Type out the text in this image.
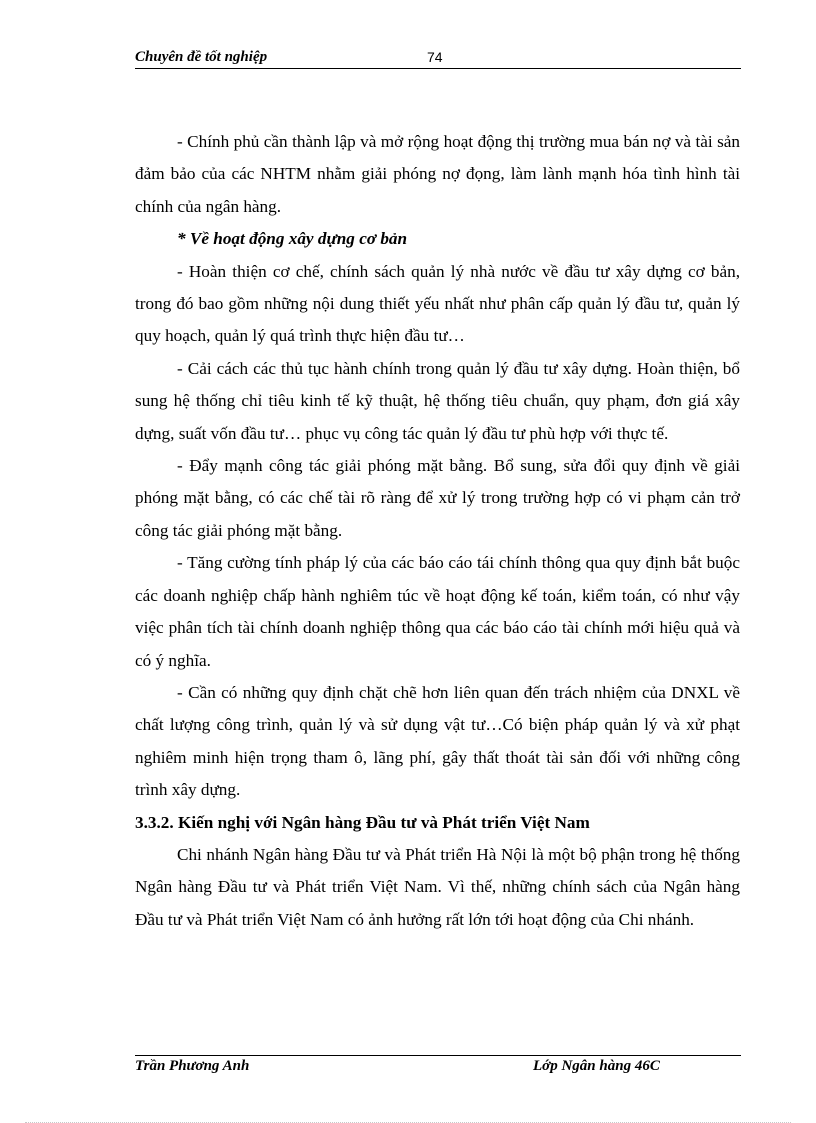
Chuyên đề tốt nghiệp	74

- Chính phủ cần thành lập và mở rộng hoạt động thị trường mua bán nợ và tài sản đảm bảo của các NHTM nhằm giải phóng nợ đọng, làm lành mạnh hóa tình hình tài chính của ngân hàng.

* Về hoạt động xây dựng cơ bản

- Hoàn thiện cơ chế, chính sách quản lý nhà nước về đầu tư xây dựng cơ bản, trong đó bao gồm những nội dung thiết yếu nhất như phân cấp quản lý đầu tư, quản lý quy hoạch, quản lý quá trình thực hiện đầu tư…

- Cải cách các thủ tục hành chính trong quản lý đầu tư xây dựng. Hoàn thiện, bổ sung hệ thống chỉ tiêu kinh tế kỹ thuật, hệ thống tiêu chuẩn, quy phạm, đơn giá xây dựng, suất vốn đầu tư… phục vụ công tác quản lý đầu tư phù hợp với thực tế.

- Đẩy mạnh công tác giải phóng mặt bằng. Bổ sung, sửa đổi quy định về giải phóng mặt bằng, có các chế tài rõ ràng để xử lý trong trường hợp có vi phạm cản trở công tác giải phóng mặt bằng.

- Tăng cường tính pháp lý của các báo cáo tái chính thông qua quy định bắt buộc các doanh nghiệp chấp hành nghiêm túc về hoạt động kế toán, kiểm toán, có như vậy việc phân tích tài chính doanh nghiệp thông qua các báo cáo tài chính mới hiệu quả và có ý nghĩa.

- Cần có những quy định chặt chẽ hơn liên quan đến trách nhiệm của DNXL về chất lượng công trình, quản lý và sử dụng vật tư…Có biện pháp quản lý và xử phạt nghiêm minh hiện trọng tham ô, lãng phí, gây thất thoát tài sản đối với những công trình xây dựng.

3.3.2. Kiến nghị với Ngân hàng Đầu tư và Phát triển Việt Nam

Chi nhánh Ngân hàng Đầu tư và Phát triển Hà Nội là một bộ phận trong hệ thống Ngân hàng Đầu tư và Phát triển Việt Nam. Vì thế, những chính sách của Ngân hàng Đầu tư và Phát triển Việt Nam có ảnh hưởng rất lớn tới hoạt động của Chi nhánh.

Trần Phương Anh	Lớp Ngân hàng 46C
